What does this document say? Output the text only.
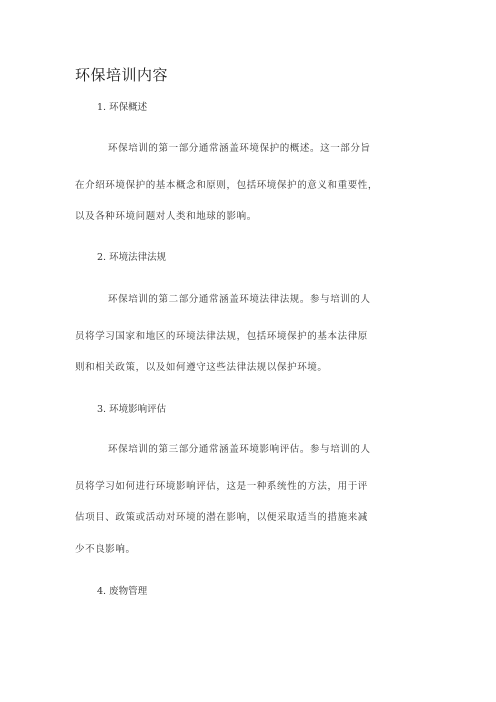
环保培训内容

1. 环保概述

环保培训的第一部分通常涵盖环境保护的概述。这一部分旨

在介绍环境保护的基本概念和原则，包括环境保护的意义和重要性，

以及各种环境问题对人类和地球的影响。

2. 环境法律法规

环保培训的第二部分通常涵盖环境法律法规。参与培训的人

员将学习国家和地区的环境法律法规，包括环境保护的基本法律原

则和相关政策，以及如何遵守这些法律法规以保护环境。

3. 环境影响评估

环保培训的第三部分通常涵盖环境影响评估。参与培训的人

员将学习如何进行环境影响评估，这是一种系统性的方法，用于评

估项目、政策或活动对环境的潜在影响，以便采取适当的措施来减

少不良影响。

4. 废物管理
